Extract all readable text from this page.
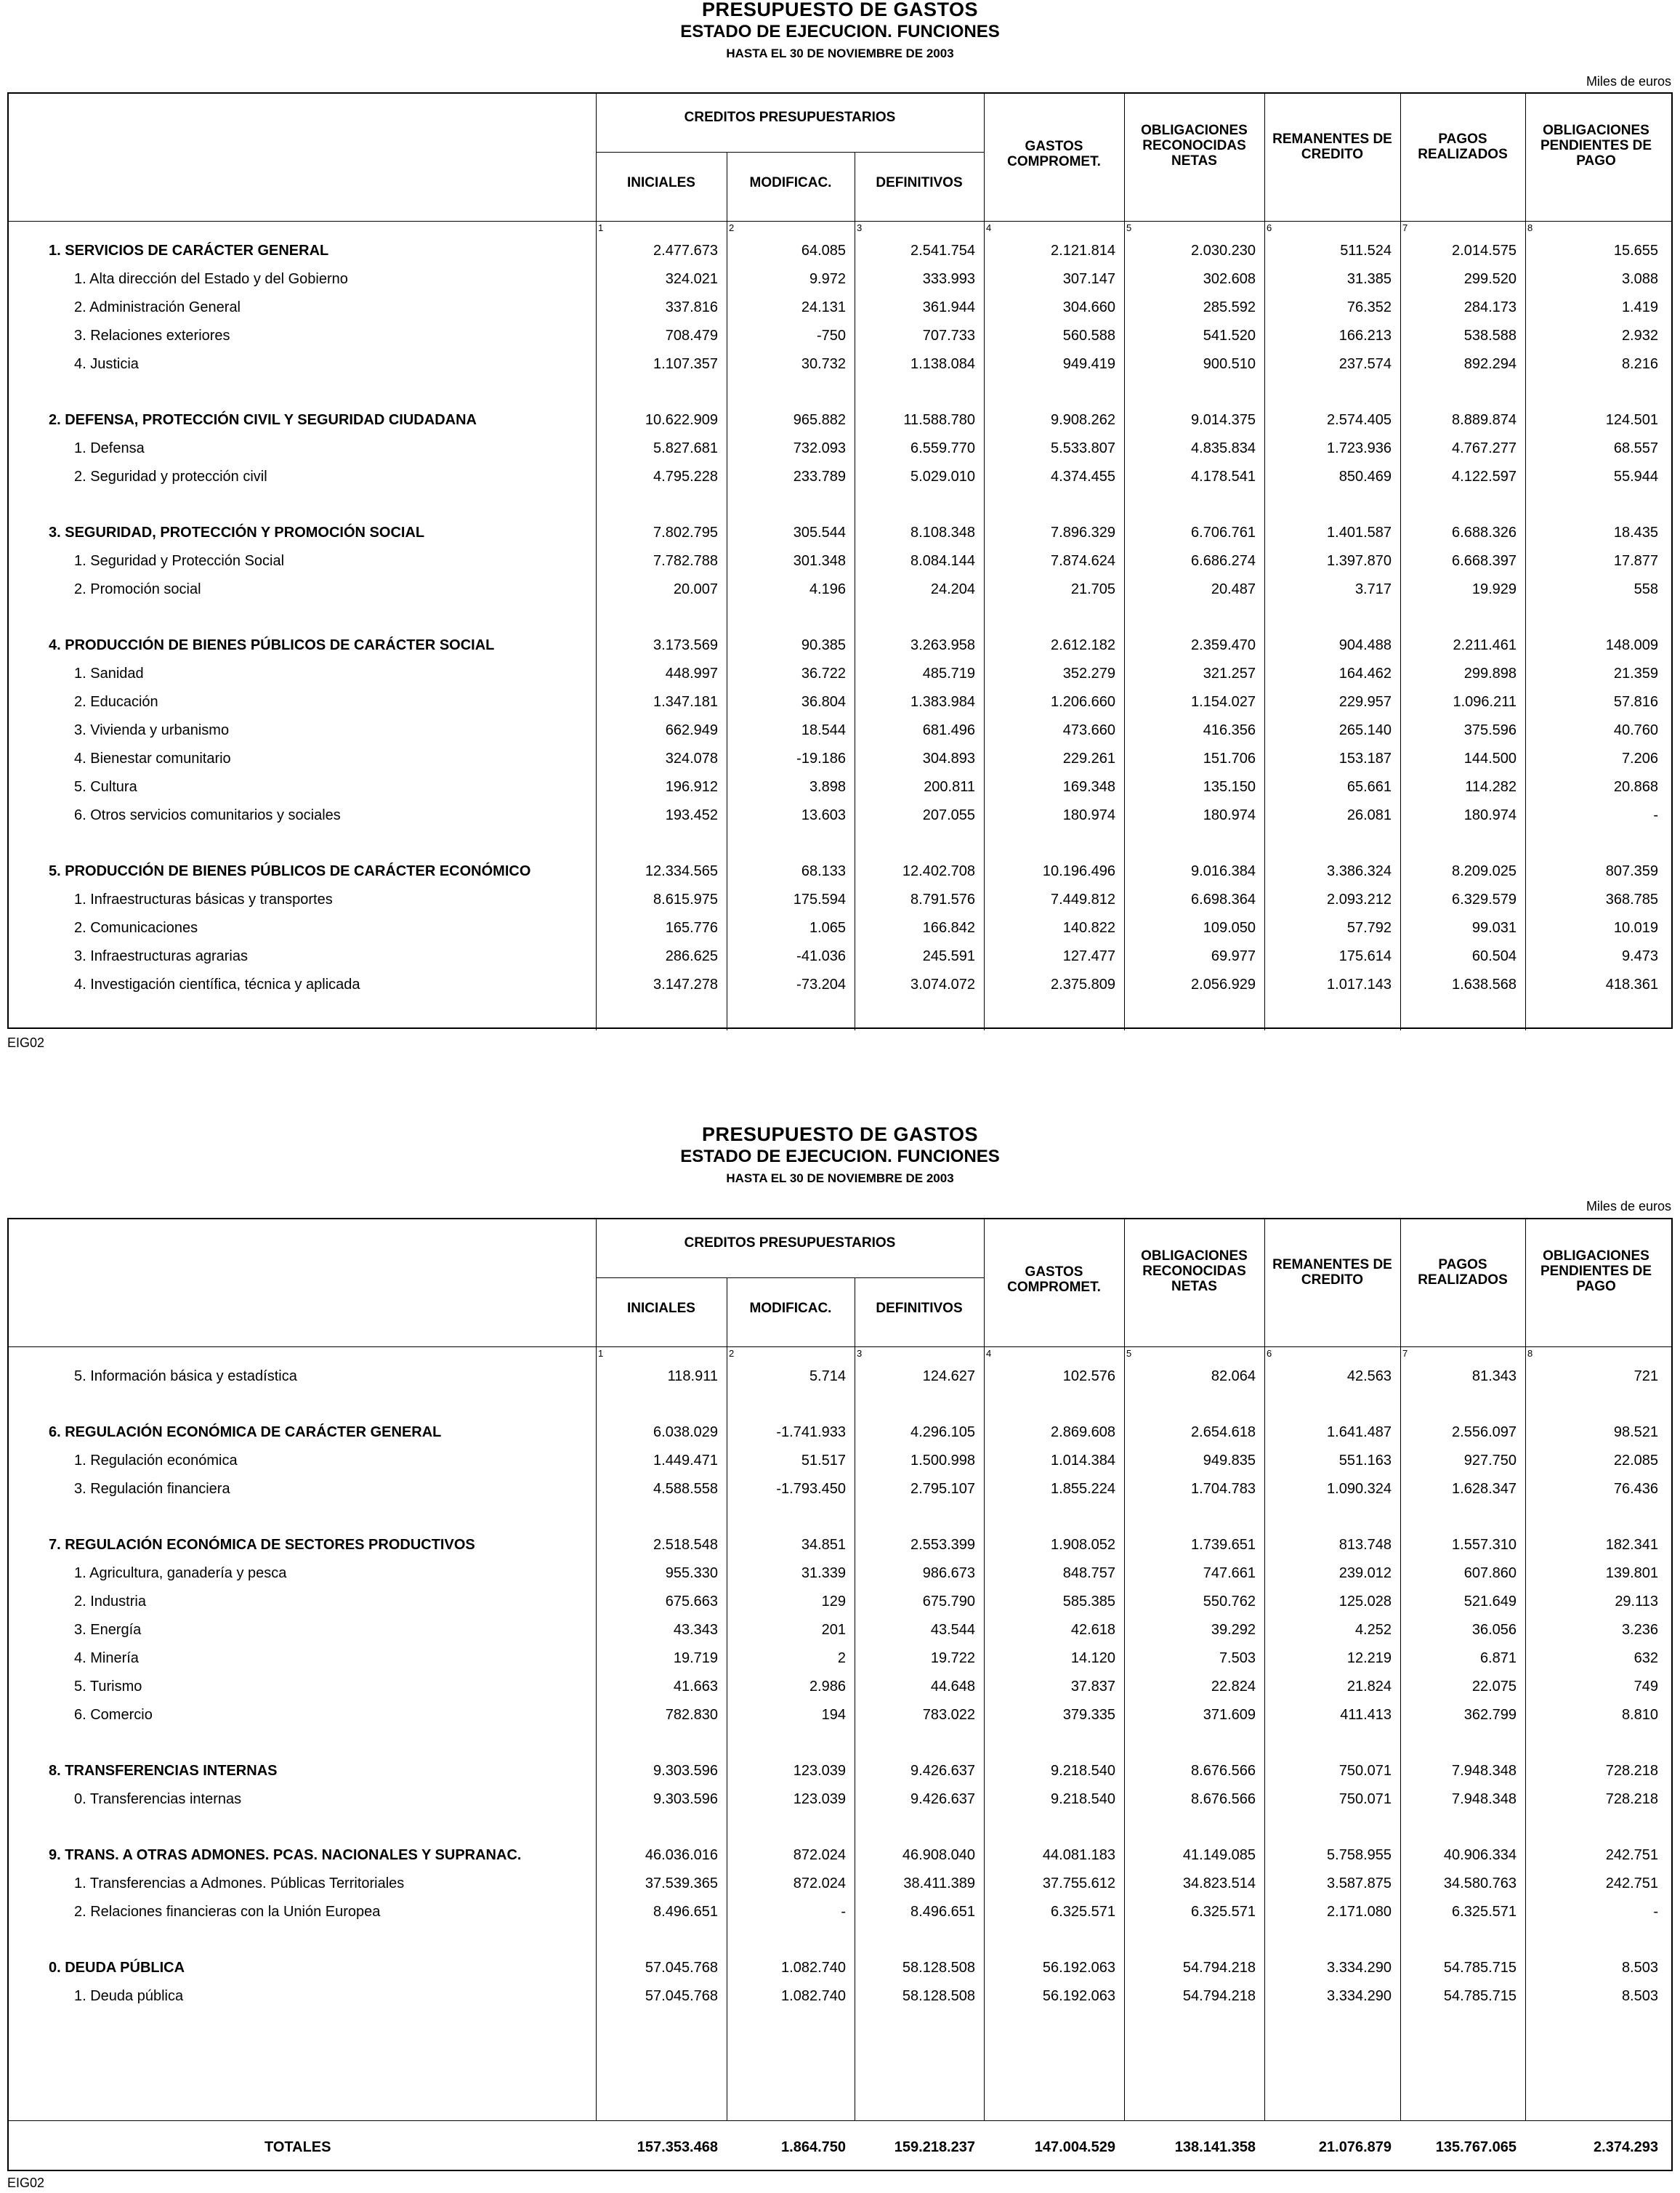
PRESUPUESTO DE GASTOS
ESTADO DE EJECUCION. FUNCIONES
HASTA EL 30 DE NOVIEMBRE DE 2003
Miles de euros
CREDITOS PRESUPUESTARIOS
INICIALES	MODIFICAC.	DEFINITIVOS
GASTOS COMPROMET.
OBLIGACIONES RECONOCIDAS NETAS
REMANENTES DE CREDITO
PAGOS REALIZADOS
OBLIGACIONES PENDIENTES DE PAGO
1	2	3	4	5	6	7	8
1. SERVICIOS DE CARÁCTER GENERAL	2.477.673	64.085	2.541.754	2.121.814	2.030.230	511.524	2.014.575	15.655
1. Alta dirección del Estado y del Gobierno	324.021	9.972	333.993	307.147	302.608	31.385	299.520	3.088
2. Administración General	337.816	24.131	361.944	304.660	285.592	76.352	284.173	1.419
3. Relaciones exteriores	708.479	-750	707.733	560.588	541.520	166.213	538.588	2.932
4. Justicia	1.107.357	30.732	1.138.084	949.419	900.510	237.574	892.294	8.216
2. DEFENSA, PROTECCIÓN CIVIL Y SEGURIDAD CIUDADANA	10.622.909	965.882	11.588.780	9.908.262	9.014.375	2.574.405	8.889.874	124.501
1. Defensa	5.827.681	732.093	6.559.770	5.533.807	4.835.834	1.723.936	4.767.277	68.557
2. Seguridad y protección civil	4.795.228	233.789	5.029.010	4.374.455	4.178.541	850.469	4.122.597	55.944
3. SEGURIDAD, PROTECCIÓN Y PROMOCIÓN SOCIAL	7.802.795	305.544	8.108.348	7.896.329	6.706.761	1.401.587	6.688.326	18.435
1. Seguridad y Protección Social	7.782.788	301.348	8.084.144	7.874.624	6.686.274	1.397.870	6.668.397	17.877
2. Promoción social	20.007	4.196	24.204	21.705	20.487	3.717	19.929	558
4. PRODUCCIÓN DE BIENES PÚBLICOS DE CARÁCTER SOCIAL	3.173.569	90.385	3.263.958	2.612.182	2.359.470	904.488	2.211.461	148.009
1. Sanidad	448.997	36.722	485.719	352.279	321.257	164.462	299.898	21.359
2. Educación	1.347.181	36.804	1.383.984	1.206.660	1.154.027	229.957	1.096.211	57.816
3. Vivienda y urbanismo	662.949	18.544	681.496	473.660	416.356	265.140	375.596	40.760
4. Bienestar comunitario	324.078	-19.186	304.893	229.261	151.706	153.187	144.500	7.206
5. Cultura	196.912	3.898	200.811	169.348	135.150	65.661	114.282	20.868
6. Otros servicios comunitarios y sociales	193.452	13.603	207.055	180.974	180.974	26.081	180.974	-
5. PRODUCCIÓN DE BIENES PÚBLICOS DE CARÁCTER ECONÓMICO	12.334.565	68.133	12.402.708	10.196.496	9.016.384	3.386.324	8.209.025	807.359
1. Infraestructuras básicas y transportes	8.615.975	175.594	8.791.576	7.449.812	6.698.364	2.093.212	6.329.579	368.785
2. Comunicaciones	165.776	1.065	166.842	140.822	109.050	57.792	99.031	10.019
3. Infraestructuras agrarias	286.625	-41.036	245.591	127.477	69.977	175.614	60.504	9.473
4. Investigación científica, técnica y aplicada	3.147.278	-73.204	3.074.072	2.375.809	2.056.929	1.017.143	1.638.568	418.361
EIG02
PRESUPUESTO DE GASTOS
ESTADO DE EJECUCION. FUNCIONES
HASTA EL 30 DE NOVIEMBRE DE 2003
Miles de euros
CREDITOS PRESUPUESTARIOS
INICIALES	MODIFICAC.	DEFINITIVOS
GASTOS COMPROMET.
OBLIGACIONES RECONOCIDAS NETAS
REMANENTES DE CREDITO
PAGOS REALIZADOS
OBLIGACIONES PENDIENTES DE PAGO
1	2	3	4	5	6	7	8
5. Información básica y estadística	118.911	5.714	124.627	102.576	82.064	42.563	81.343	721
6. REGULACIÓN ECONÓMICA DE CARÁCTER GENERAL	6.038.029	-1.741.933	4.296.105	2.869.608	2.654.618	1.641.487	2.556.097	98.521
1. Regulación económica	1.449.471	51.517	1.500.998	1.014.384	949.835	551.163	927.750	22.085
3. Regulación financiera	4.588.558	-1.793.450	2.795.107	1.855.224	1.704.783	1.090.324	1.628.347	76.436
7. REGULACIÓN ECONÓMICA DE SECTORES PRODUCTIVOS	2.518.548	34.851	2.553.399	1.908.052	1.739.651	813.748	1.557.310	182.341
1. Agricultura, ganadería y pesca	955.330	31.339	986.673	848.757	747.661	239.012	607.860	139.801
2. Industria	675.663	129	675.790	585.385	550.762	125.028	521.649	29.113
3. Energía	43.343	201	43.544	42.618	39.292	4.252	36.056	3.236
4. Minería	19.719	2	19.722	14.120	7.503	12.219	6.871	632
5. Turismo	41.663	2.986	44.648	37.837	22.824	21.824	22.075	749
6. Comercio	782.830	194	783.022	379.335	371.609	411.413	362.799	8.810
8. TRANSFERENCIAS INTERNAS	9.303.596	123.039	9.426.637	9.218.540	8.676.566	750.071	7.948.348	728.218
0. Transferencias internas	9.303.596	123.039	9.426.637	9.218.540	8.676.566	750.071	7.948.348	728.218
9. TRANS. A OTRAS ADMONES. PCAS. NACIONALES Y SUPRANAC.	46.036.016	872.024	46.908.040	44.081.183	41.149.085	5.758.955	40.906.334	242.751
1. Transferencias a Admones. Públicas Territoriales	37.539.365	872.024	38.411.389	37.755.612	34.823.514	3.587.875	34.580.763	242.751
2. Relaciones financieras con la Unión Europea	8.496.651	-	8.496.651	6.325.571	6.325.571	2.171.080	6.325.571	-
0. DEUDA PÚBLICA	57.045.768	1.082.740	58.128.508	56.192.063	54.794.218	3.334.290	54.785.715	8.503
1. Deuda pública	57.045.768	1.082.740	58.128.508	56.192.063	54.794.218	3.334.290	54.785.715	8.503
TOTALES	157.353.468	1.864.750	159.218.237	147.004.529	138.141.358	21.076.879	135.767.065	2.374.293
EIG02
